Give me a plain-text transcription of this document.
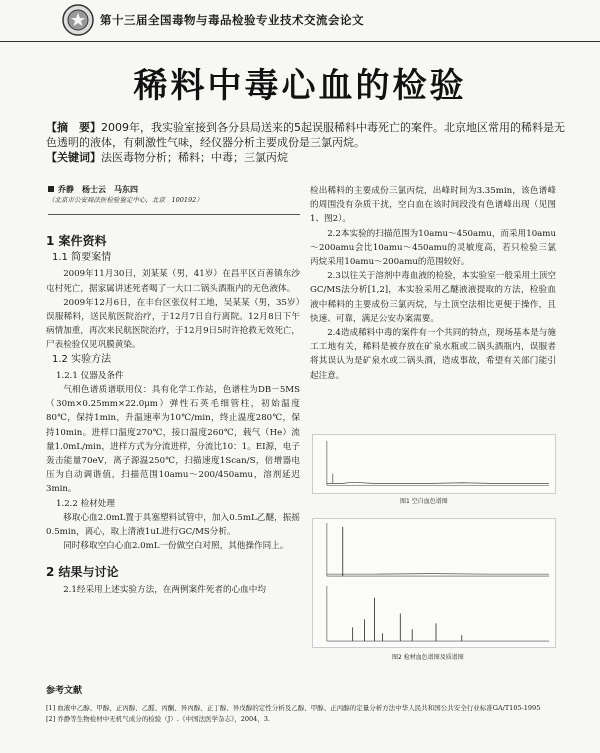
第十三届全国毒物与毒品检验专业技术交流会论文
稀料中毒心血的检验
【摘　要】2009年，我实验室接到各分县局送来的5起误服稀料中毒死亡的案件。北京地区常用的稀料是无色透明的液体，有刺激性气味，经仪器分析主要成份是三氯丙烷。
【关键词】法医毒物分析；稀料；中毒；三氯丙烷
乔静　杨士云　马东四
（北京市公安局法医检验鉴定中心，北京　100192）
1 案件资料
1.1 简要案情
2009年11月30日，刘某某（男，41岁）在昌平区百善镇东沙屯村死亡，据家属讲述死者喝了一大口二锅头酒瓶内的无色液体。
2009年12月6日，在丰台区张仪村工地，吴某某（男，35岁）误服稀料，送民航医院治疗，于12月7日自行离院。12月8日下午病情加重，再次来民航医院治疗，于12月9日5时许抢救无效死亡，尸表检验仅见巩膜黄染。
1.2 实验方法
1.2.1 仪器及条件
气相色谱质谱联用仪：具有化学工作站，色谱柱为DB－5MS（30m×0.25mm×22.0μm）弹性石英毛细管柱，初始温度80℃，保持1min，升温速率为10℃/min，终止温度280℃，保持10min。进样口温度270℃，接口温度260℃，载气（He）流量1.0mL/min，进样方式为分流进样，分流比10：1。EI源，电子轰击能量70eV，离子源温250℃，扫描速度1Scan/S，倍增器电压为自动调谐值，扫描范围10amu～200/450amu，溶剂延迟3min。
1.2.2 检材处理
移取心血2.0mL置于具塞塑料试管中，加入0.5mL乙醚，振摇0.5min，离心，取上清液1uL进行GC/MS分析。
同时移取空白心血2.0mL一份做空白对照，其他操作同上。
2 结果与讨论
2.1经采用上述实验方法，在两例案件死者的心血中均
检出稀料的主要成份三氯丙烷，出峰时间为3.35min，该色谱峰的周围没有杂质干扰，空白血在该时间段没有色谱峰出现（见图1、图2）。
2.2本实验的扫描范围为10amu～450amu，而采用10amu～200amu会比10amu～450amu的灵敏度高，若只检验三氯丙烷采用10amu～200amu的范围较好。
2.3以往关于溶剂中毒血液的检验，本实验室一般采用土顶空GC/MS法分析[1,2]，本实验采用乙醚液液提取的方法，检验血液中稀料的主要成份三氯丙烷，与土顶空法相比更便于操作，且快速、可靠，满足公安办案需要。
2.4造成稀料中毒的案件有一个共同的特点，现场基本是与施工工地有关，稀料是被存放在矿泉水瓶或二锅头酒瓶内，误服者将其误认为是矿泉水或二锅头酒，造成事故，希望有关部门能引起注意。
图1 空白血色谱图
图2 检材血色谱图及质谱图
参考文献
[1] 血液中乙醇、甲醇、正丙醇、乙醛、丙酮、异丙醇、正丁醇、异戊醇的定性分析及乙醇、甲醇、正丙醇的定量分析方法中华人民共和国公共安全行业标准GA/T105-1995
[2] 乔静等生物检材中无机气成分的检验（J）.《中国法医学杂志》，2004，3.
